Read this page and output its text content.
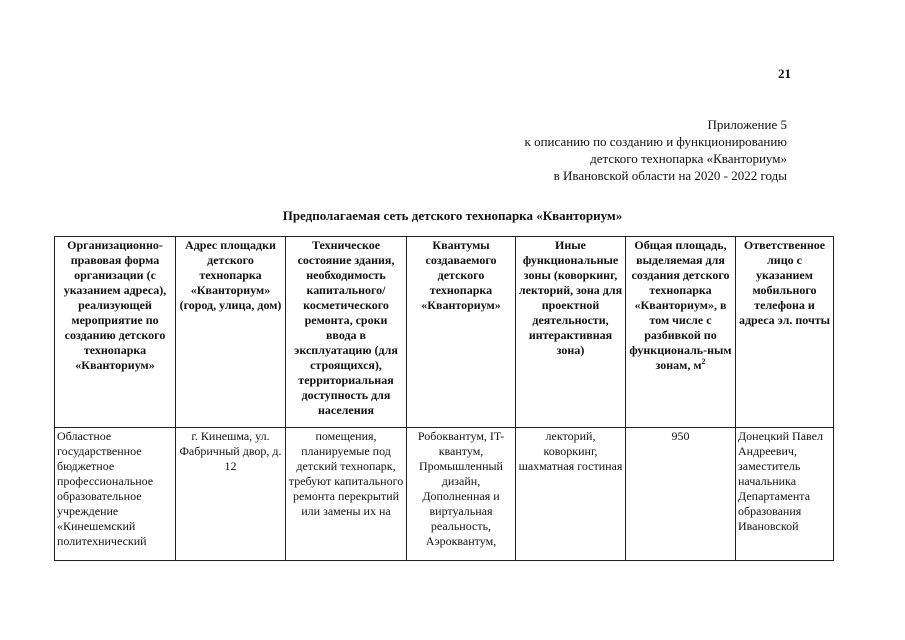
21
Приложение 5
к описанию по созданию и функционированию
детского технопарка «Кванториум»
в Ивановской области на 2020 - 2022 годы
Предполагаемая сеть детского технопарка «Кванториум»
Организационно-правовая форма организации (с указанием адреса), реализующей мероприятие по созданию детского технопарка «Кванториум»	Адрес площадки детского технопарка «Кванториум» (город, улица, дом)	Техническое состояние здания, необходимость капитального/ косметического ремонта, сроки ввода в эксплуатацию (для строящихся), территориальная доступность для населения	Квантумы создаваемого детского технопарка «Кванториум»	Иные функциональные зоны (коворкинг, лекторий, зона для проектной деятельности, интерактивная зона)	Общая площадь, выделяемая для создания детского технопарка «Кванториум», в том числе с разбивкой по функциональ-ным зонам, $м^2$	Ответственное лицо с указанием мобильного телефона и адреса эл. почты
Областное государственное бюджетное профессиональное образовательное учреждение «Кинешемский политехнический	г. Кинешма, ул. Фабричный двор, д. 12	помещения, планируемые под детский технопарк, требуют капитального ремонта перекрытий или замены их на	Робоквантум, IT-квантум, Промышленный дизайн, Дополненная и виртуальная реальность, Аэроквантум,	лекторий, коворкинг, шахматная гостиная	950	Донецкий Павел Андреевич, заместитель начальника Департамента образования Ивановской
